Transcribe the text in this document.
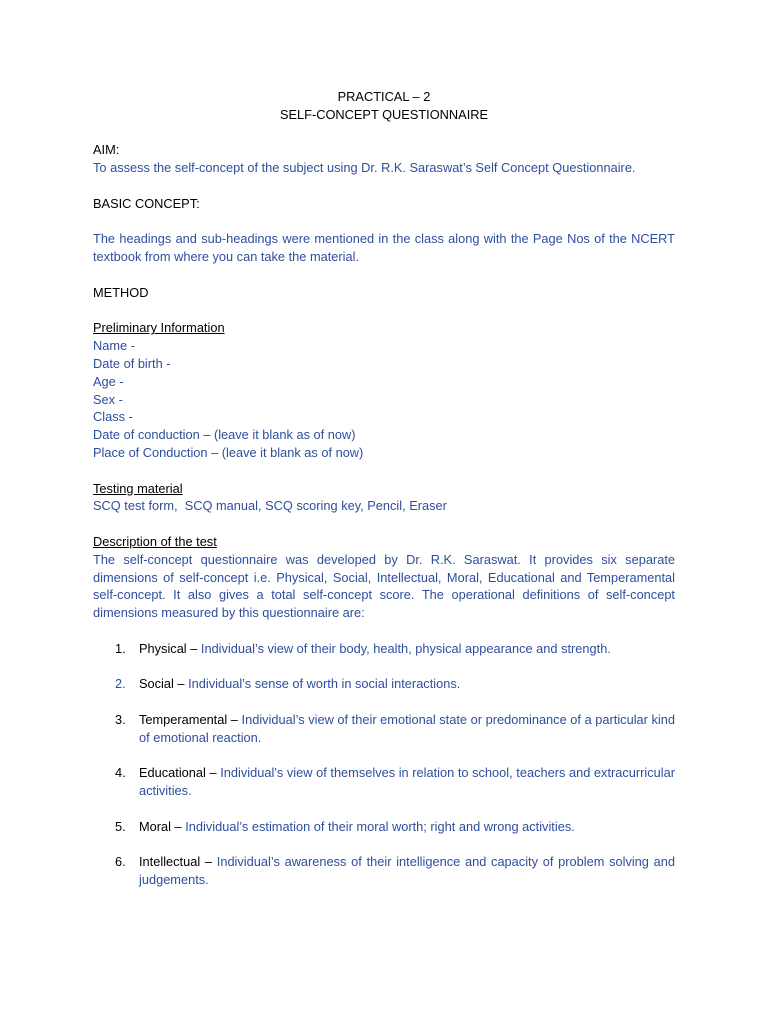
PRACTICAL – 2
SELF-CONCEPT QUESTIONNAIRE
AIM:
To assess the self-concept of the subject using Dr. R.K. Saraswat’s Self Concept Questionnaire.
BASIC CONCEPT:
The headings and sub-headings were mentioned in the class along with the Page Nos of the NCERT textbook from where you can take the material.
METHOD
Preliminary Information
Name -
Date of birth -
Age -
Sex -
Class -
Date of conduction – (leave it blank as of now)
Place of Conduction – (leave it blank as of now)
Testing material
SCQ test form,  SCQ manual, SCQ scoring key, Pencil, Eraser
Description of the test
The self-concept questionnaire was developed by Dr. R.K. Saraswat. It provides six separate dimensions of self-concept i.e. Physical, Social, Intellectual, Moral, Educational and Temperamental self-concept. It also gives a total self-concept score. The operational definitions of self-concept dimensions measured by this questionnaire are:
1. Physical – Individual’s view of their body, health, physical appearance and strength.
2. Social – Individual’s sense of worth in social interactions.
3. Temperamental – Individual’s view of their emotional state or predominance of a particular kind of emotional reaction.
4. Educational – Individual’s view of themselves in relation to school, teachers and extracurricular activities.
5. Moral – Individual’s estimation of their moral worth; right and wrong activities.
6. Intellectual – Individual’s awareness of their intelligence and capacity of problem solving and judgements.
